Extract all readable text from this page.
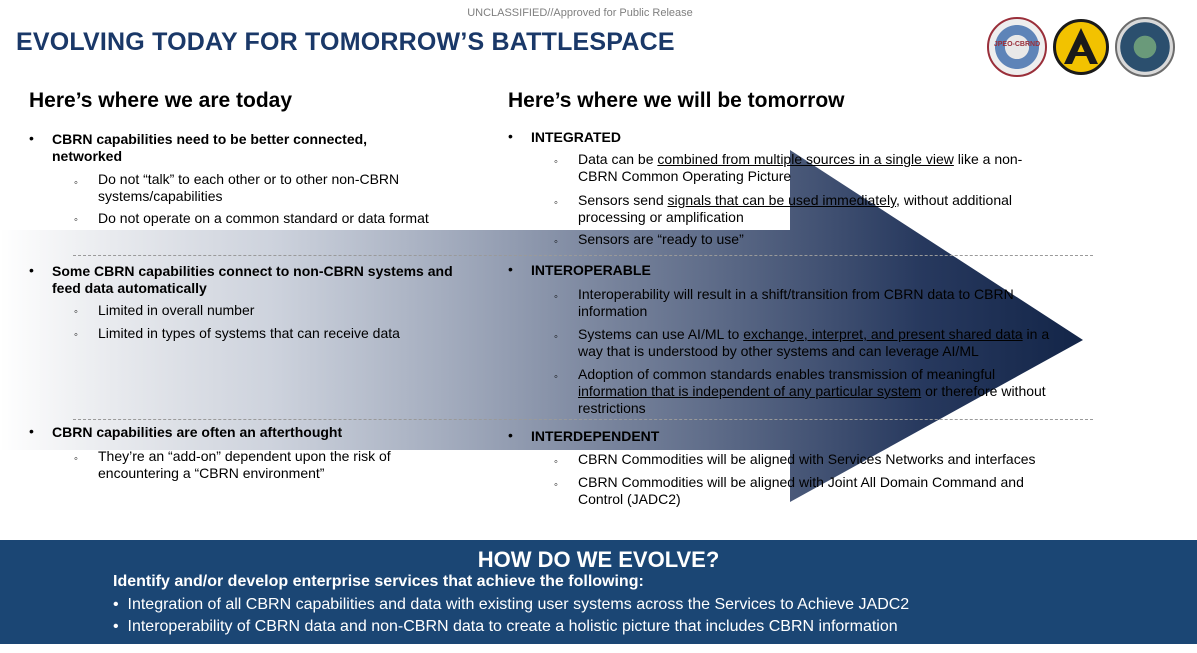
UNCLASSIFIED//Approved for Public Release
EVOLVING TODAY FOR TOMORROW’S BATTLESPACE	JPEO-CBRND
Here’s where we are today	Here’s where we will be tomorrow
• CBRN capabilities need to be better connected, networked
◦ Do not “talk” to each other or to other non-CBRN systems/capabilities
◦ Do not operate on a common standard or data format
• Some CBRN capabilities connect to non-CBRN systems and feed data automatically
◦ Limited in overall number
◦ Limited in types of systems that can receive data
• CBRN capabilities are often an afterthought
◦ They’re an “add-on” dependent upon the risk of encountering a “CBRN environment”
• INTEGRATED
◦ Data can be combined from multiple sources in a single view like a non-CBRN Common Operating Picture
◦ Sensors send signals that can be used immediately, without additional processing or amplification
◦ Sensors are “ready to use”
• INTEROPERABLE
◦ Interoperability will result in a shift/transition from CBRN data to CBRN information
◦ Systems can use AI/ML to exchange, interpret, and present shared data in a way that is understood by other systems and can leverage AI/ML
◦ Adoption of common standards enables transmission of meaningful information that is independent of any particular system or therefore without restrictions
• INTERDEPENDENT
◦ CBRN Commodities will be aligned with Services Networks and interfaces
◦ CBRN Commodities will be aligned with Joint All Domain Command and Control (JADC2)
HOW DO WE EVOLVE?
Identify and/or develop enterprise services that achieve the following:
•  Integration of all CBRN capabilities and data with existing user systems across the Services to Achieve JADC2
•  Interoperability of CBRN data and non-CBRN data to create a holistic picture that includes CBRN information
